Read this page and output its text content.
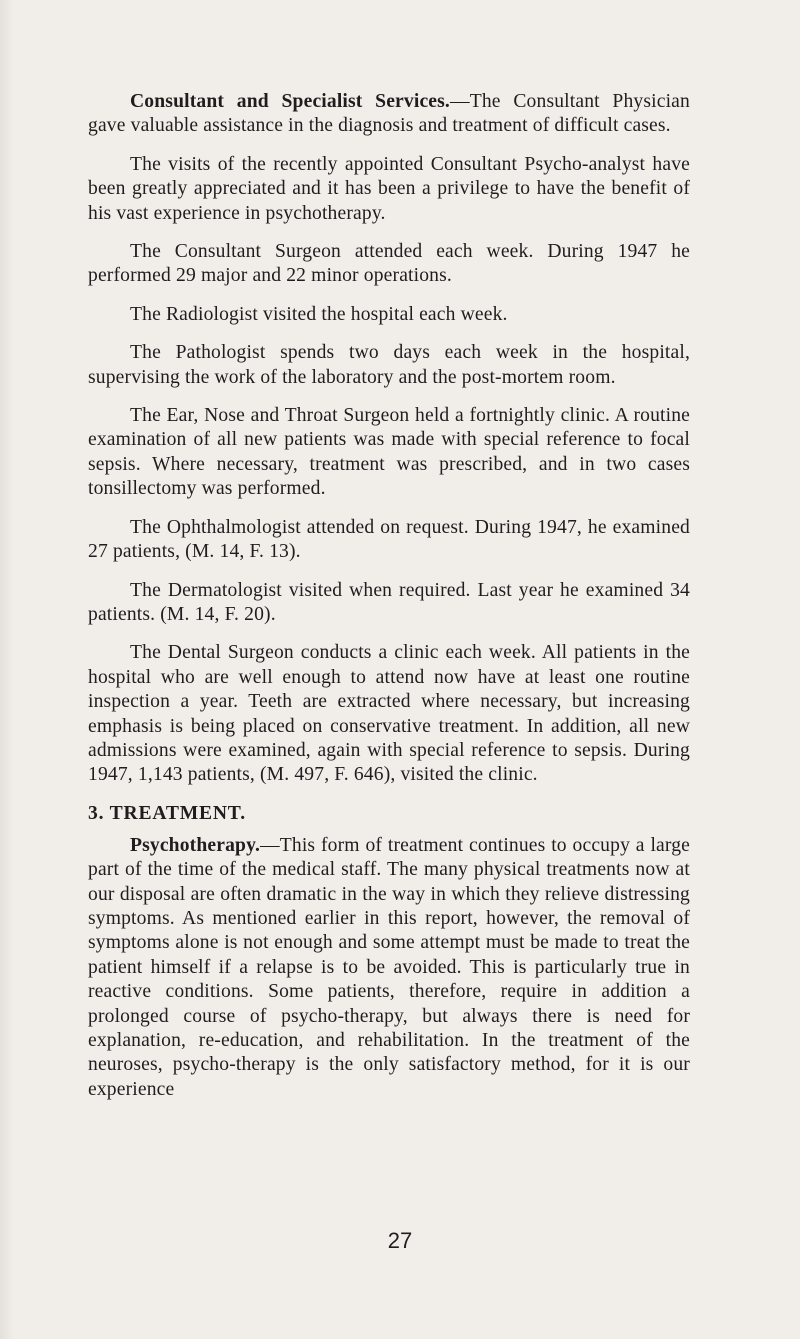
Consultant and Specialist Services.—The Consultant Physician gave valuable assistance in the diagnosis and treatment of difficult cases.

The visits of the recently appointed Consultant Psycho-analyst have been greatly appreciated and it has been a privilege to have the benefit of his vast experience in psychotherapy.

The Consultant Surgeon attended each week. During 1947 he performed 29 major and 22 minor operations.

The Radiologist visited the hospital each week.

The Pathologist spends two days each week in the hospital, supervising the work of the laboratory and the post-mortem room.

The Ear, Nose and Throat Surgeon held a fortnightly clinic. A routine examination of all new patients was made with special reference to focal sepsis. Where necessary, treatment was prescribed, and in two cases tonsillectomy was performed.

The Ophthalmologist attended on request. During 1947, he examined 27 patients, (M. 14, F. 13).

The Dermatologist visited when required. Last year he examined 34 patients. (M. 14, F. 20).

The Dental Surgeon conducts a clinic each week. All patients in the hospital who are well enough to attend now have at least one routine inspection a year. Teeth are extracted where necessary, but increasing emphasis is being placed on conservative treatment. In addition, all new admissions were examined, again with special reference to sepsis. During 1947, 1,143 patients, (M. 497, F. 646), visited the clinic.

3. TREATMENT.

Psychotherapy.—This form of treatment continues to occupy a large part of the time of the medical staff. The many physical treatments now at our disposal are often dramatic in the way in which they relieve distressing symptoms. As mentioned earlier in this report, however, the removal of symptoms alone is not enough and some attempt must be made to treat the patient himself if a relapse is to be avoided. This is particularly true in reactive conditions. Some patients, therefore, require in addition a prolonged course of psycho-therapy, but always there is need for explanation, re-education, and rehabilitation. In the treatment of the neuroses, psycho-therapy is the only satisfactory method, for it is our experience

27
